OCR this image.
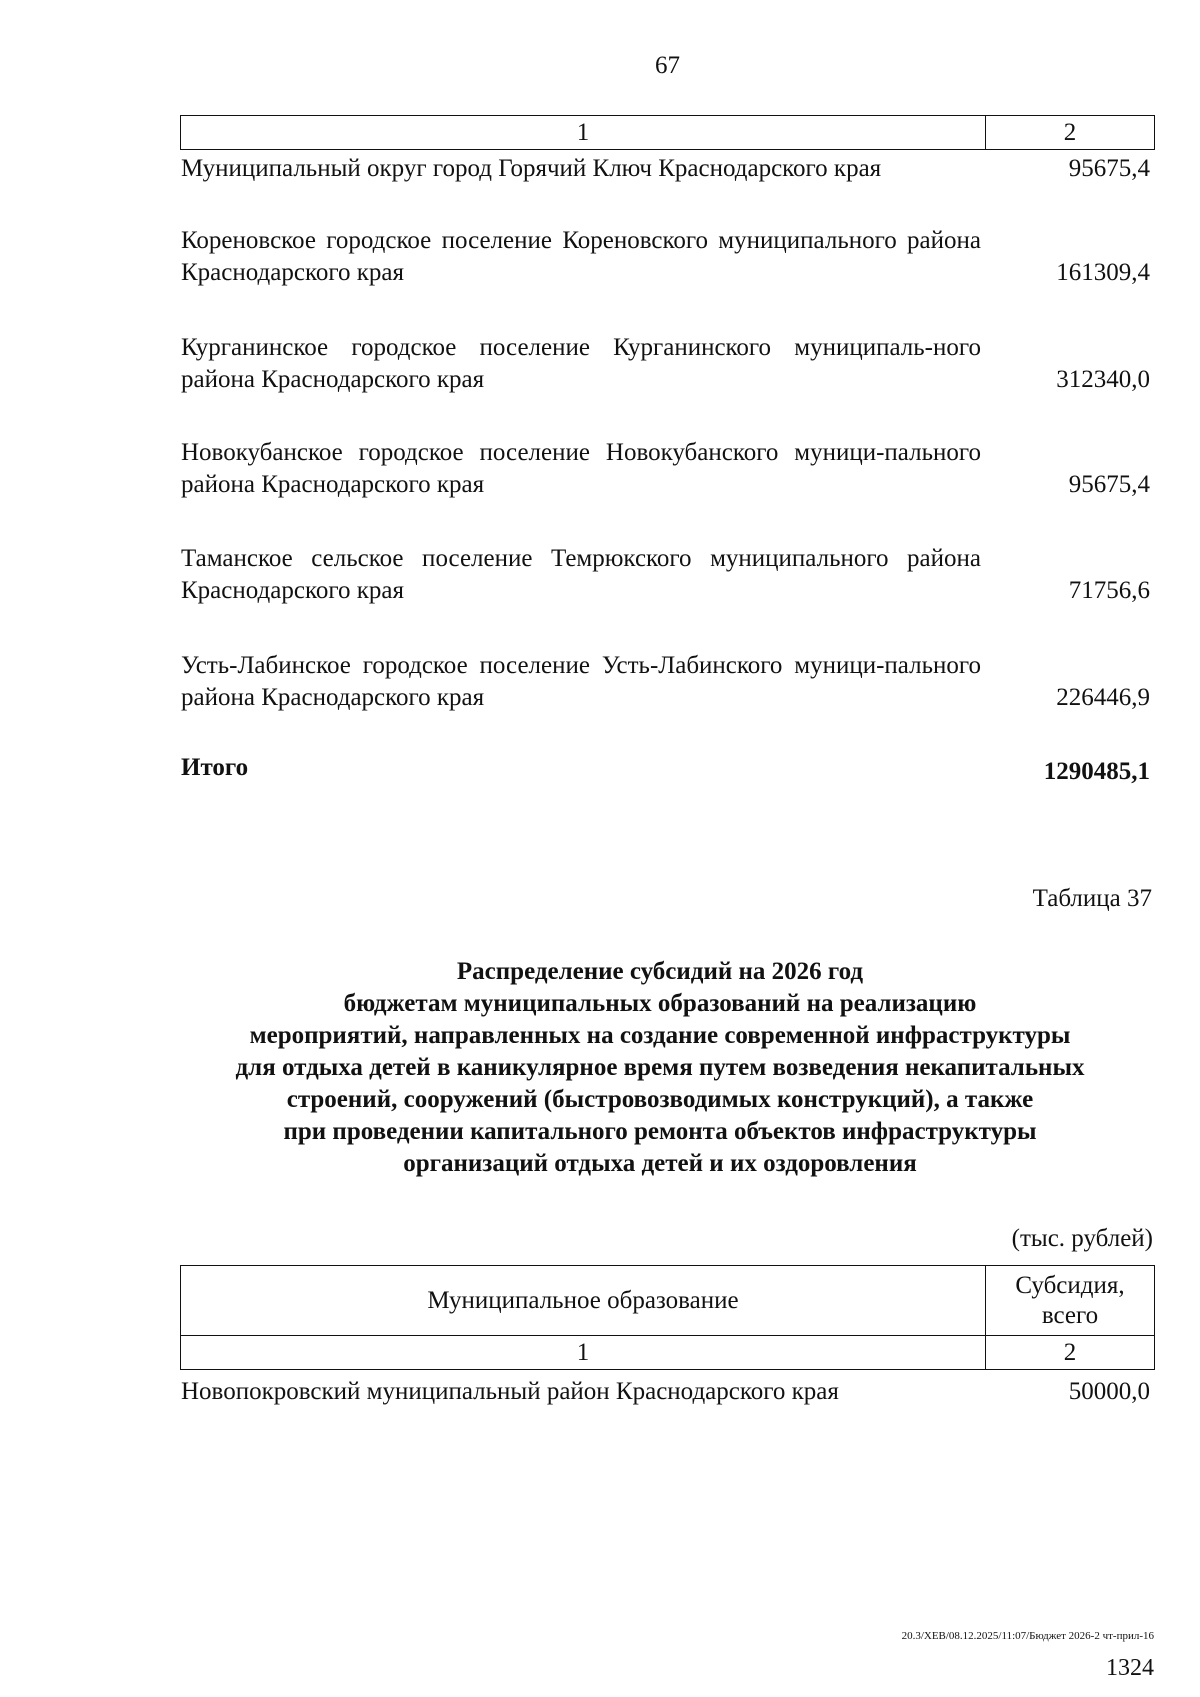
67
1	2
Муниципальный округ город Горячий Ключ Краснодарского края	95675,4
Кореновское городское поселение Кореновского муниципального района Краснодарского края	161309,4
Курганинское городское поселение Курганинского муниципаль-ного района Краснодарского края	312340,0
Новокубанское городское поселение Новокубанского муници-пального района Краснодарского края	95675,4
Таманское сельское поселение Темрюкского муниципального района Краснодарского края	71756,6
Усть-Лабинское городское поселение Усть-Лабинского муници-пального района Краснодарского края	226446,9
Итого	1290485,1
Таблица 37
Распределение субсидий на 2026 год
бюджетам муниципальных образований на реализацию
мероприятий, направленных на создание современной инфраструктуры
для отдыха детей в каникулярное время путем возведения некапитальных
строений, сооружений (быстровозводимых конструкций), а также
при проведении капитального ремонта объектов инфраструктуры
организаций отдыха детей и их оздоровления
(тыс. рублей)
Муниципальное образование	Субсидия,
всего

1	2
Новопокровский муниципальный район Краснодарского края	50000,0
20.3/ХЕВ/08.12.2025/11:07/Бюджет 2026-2 чт-прил-16
1324
